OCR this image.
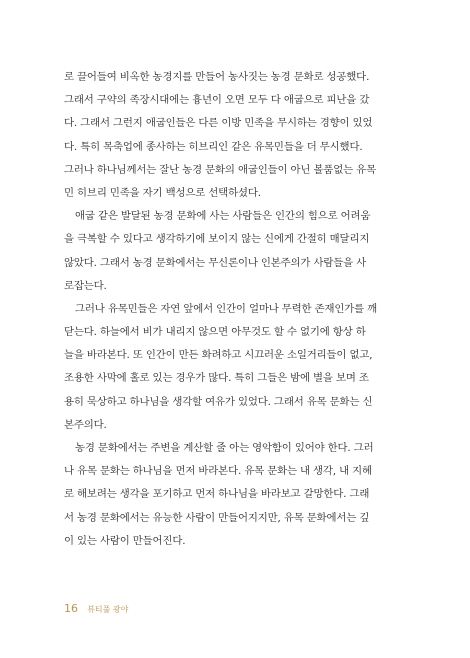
로 끌어들여 비옥한 농경지를 만들어 농사짓는 농경 문화로 성공했다.
그래서 구약의 족장시대에는 흉년이 오면 모두 다 애굽으로 피난을 갔
다. 그래서 그런지 애굽인들은 다른 이방 민족을 무시하는 경향이 있었
다. 특히 목축업에 종사하는 히브리인 같은 유목민들을 더 무시했다.
그러나 하나님께서는 잘난 농경 문화의 애굽인들이 아닌 볼품없는 유목
민 히브리 민족을 자기 백성으로 선택하셨다.
애굽 같은 발달된 농경 문화에 사는 사람들은 인간의 힘으로 어려움
을 극복할 수 있다고 생각하기에 보이지 않는 신에게 간절히 매달리지
않았다. 그래서 농경 문화에서는 무신론이나 인본주의가 사람들을 사
로잡는다.
그러나 유목민들은 자연 앞에서 인간이 얼마나 무력한 존재인가를 깨
닫는다. 하늘에서 비가 내리지 않으면 아무것도 할 수 없기에 항상 하
늘을 바라본다. 또 인간이 만든 화려하고 시끄러운 소일거리들이 없고,
조용한 사막에 홀로 있는 경우가 많다. 특히 그들은 밤에 별을 보며 조
용히 묵상하고 하나님을 생각할 여유가 있었다. 그래서 유목 문화는 신
본주의다.
농경 문화에서는 주변을 계산할 줄 아는 영악함이 있어야 한다. 그러
나 유목 문화는 하나님을 먼저 바라본다. 유목 문화는 내 생각, 내 지혜
로 해보려는 생각을 포기하고 먼저 하나님을 바라보고 갈망한다. 그래
서 농경 문화에서는 유능한 사람이 만들어지지만, 유목 문화에서는 깊
이 있는 사람이 만들어진다.
16 뷰티풀 광야
